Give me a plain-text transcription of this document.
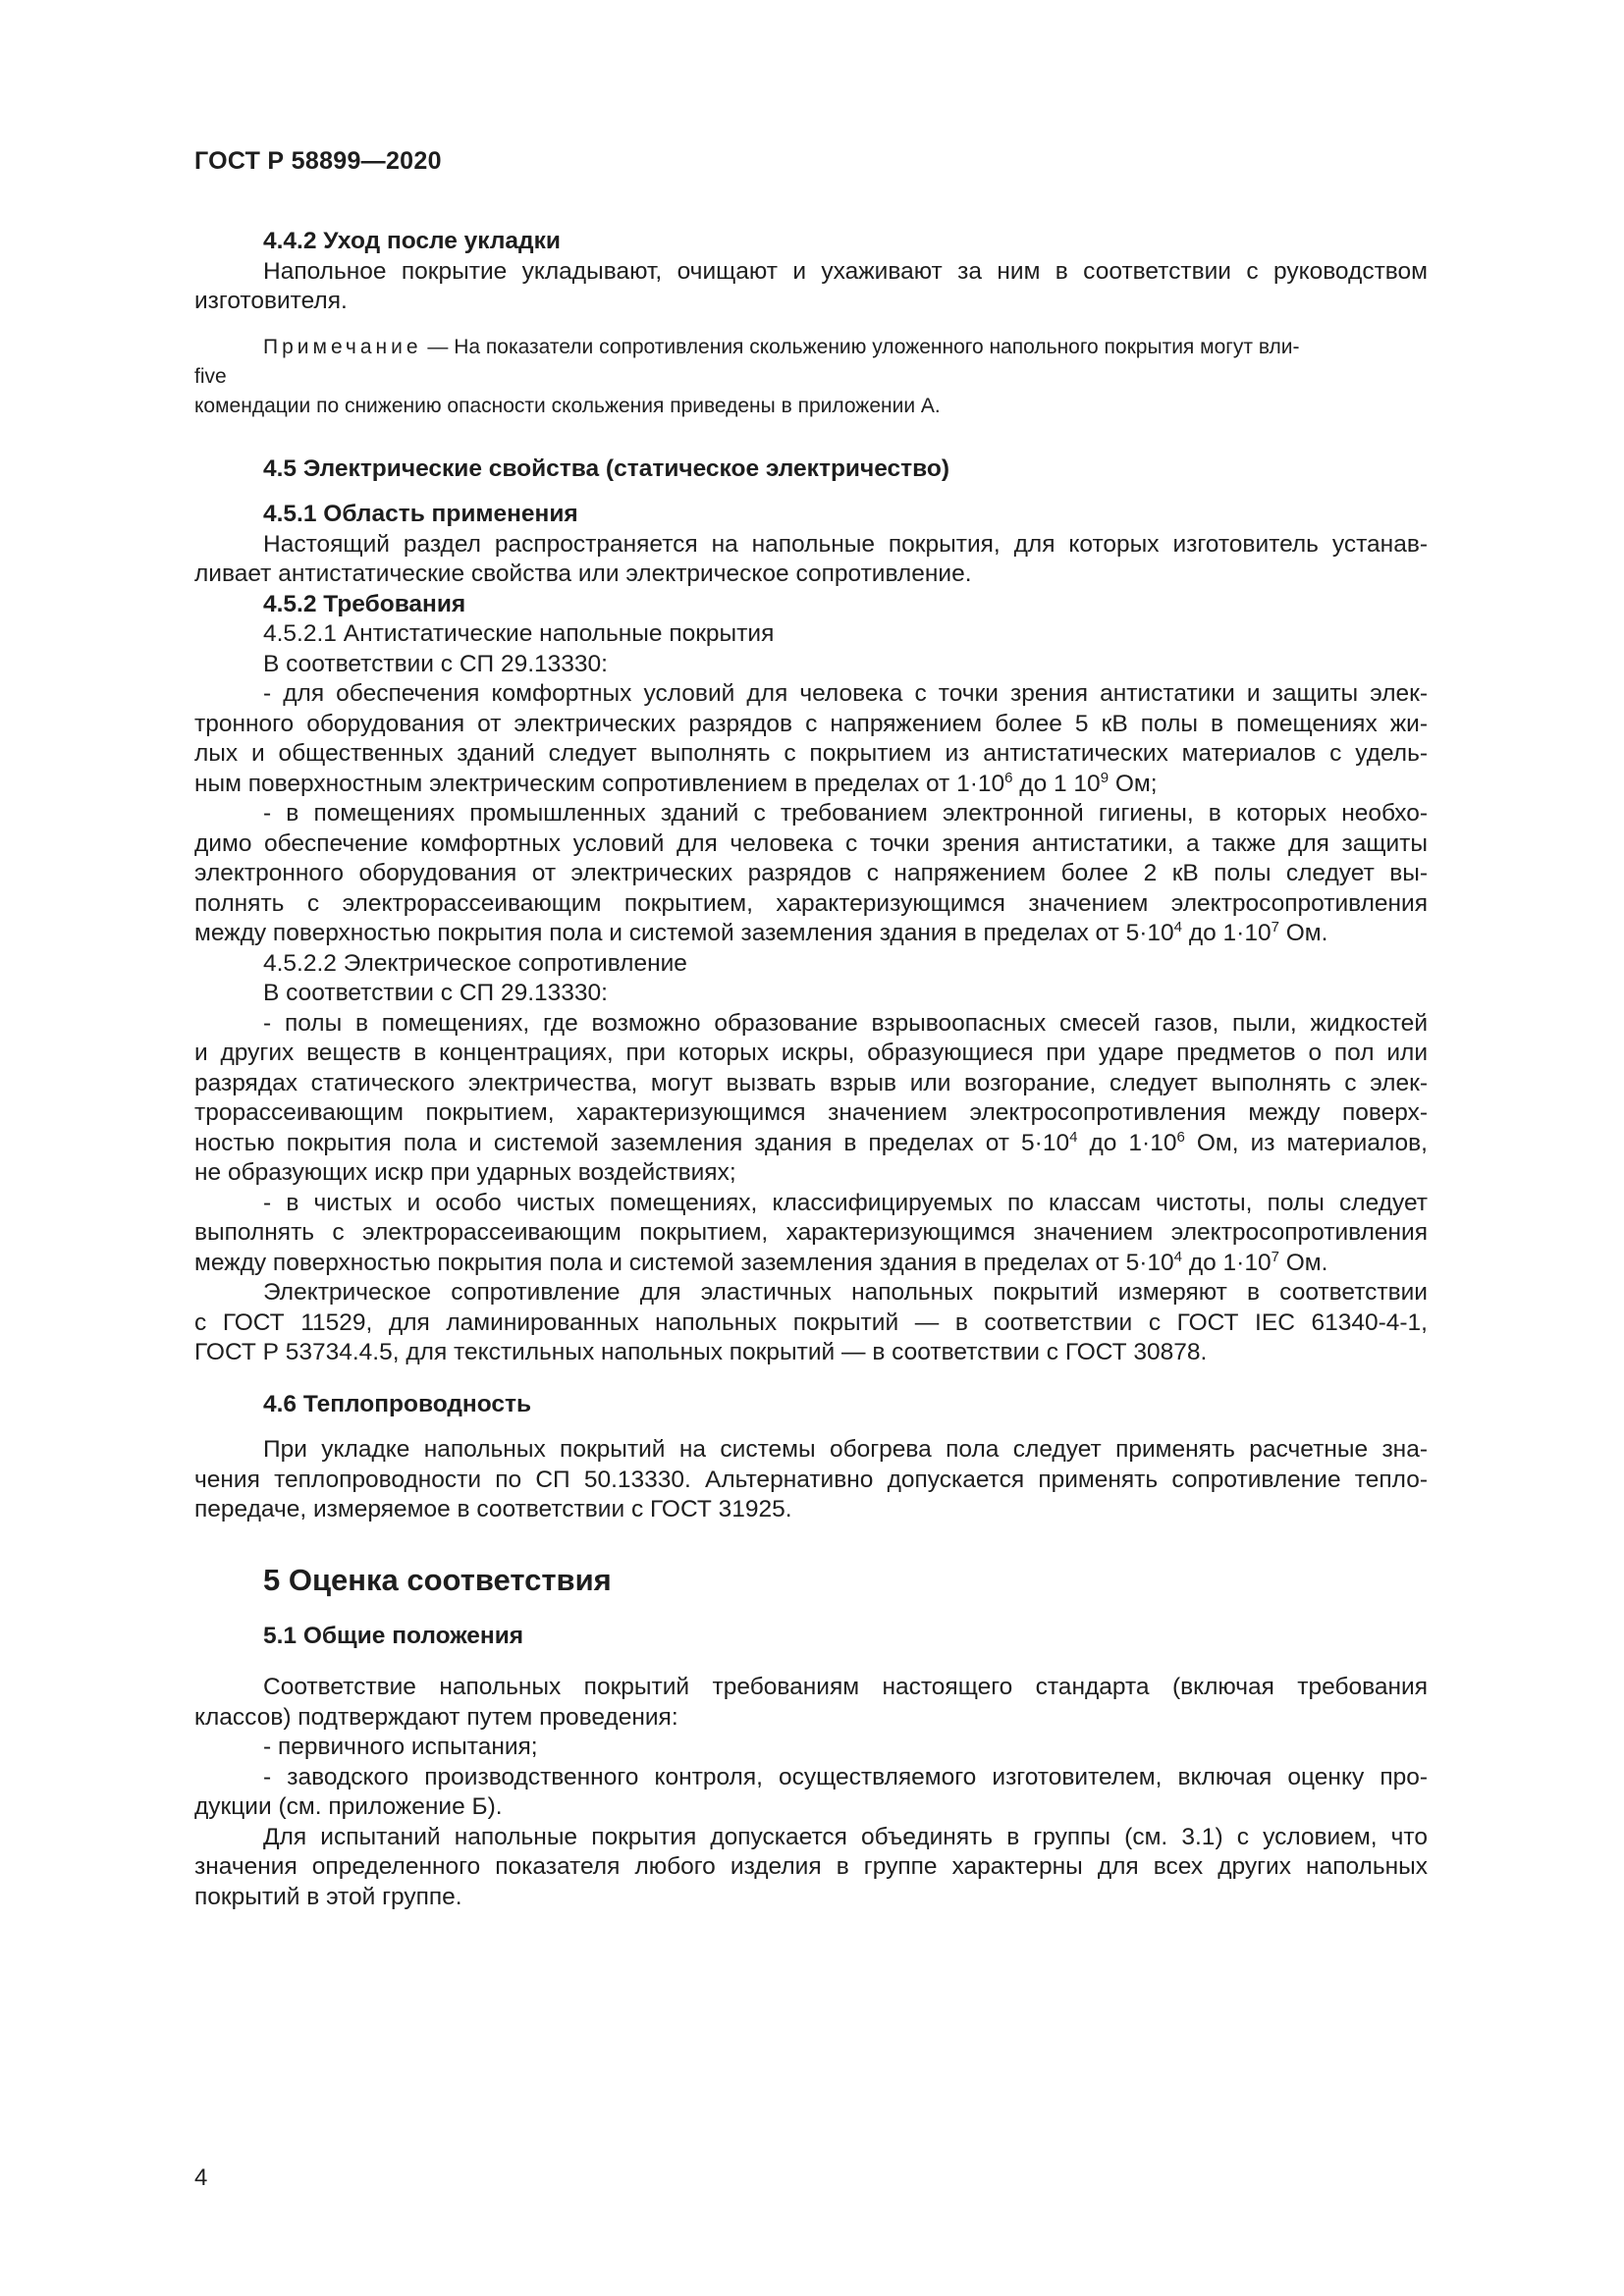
ГОСТ Р 58899—2020
4.4.2 Уход после укладки
Напольное покрытие укладывают, очищают и ухаживают за ним в соответствии с руководством
изготовителя.
Примечание — На показатели сопротивления скольжению уложенного напольного покрытия могут вли-
five
комендации по снижению опасности скольжения приведены в приложении А.
4.5 Электрические свойства (статическое электричество)
4.5.1 Область применения
Настоящий раздел распространяется на напольные покрытия, для которых изготовитель устанав-
ливает антистатические свойства или электрическое сопротивление.
4.5.2 Требования
4.5.2.1 Антистатические напольные покрытия
В соответствии с СП 29.13330:
- для обеспечения комфортных условий для человека с точки зрения антистатики и защиты элек-
тронного оборудования от электрических разрядов с напряжением более 5 кВ полы в помещениях жи-
лых и общественных зданий следует выполнять с покрытием из антистатических материалов с удель-
ным поверхностным электрическим сопротивлением в пределах от $1\cdot 10^6$ до 1 $10^9$ Ом;
- в помещениях промышленных зданий с требованием электронной гигиены, в которых необхо-
димо обеспечение комфортных условий для человека с точки зрения антистатики, а также для защиты
электронного оборудования от электрических разрядов с напряжением более 2 кВ полы следует вы-
полнять с электрорассеивающим покрытием, характеризующимся значением электросопротивления
между поверхностью покрытия пола и системой заземления здания в пределах от $5\cdot 10^4$ до $1\cdot 10^7$ Ом.
4.5.2.2 Электрическое сопротивление
В соответствии с СП 29.13330:
- полы в помещениях, где возможно образование взрывоопасных смесей газов, пыли, жидкостей
и других веществ в концентрациях, при которых искры, образующиеся при ударе предметов о пол или
разрядах статического электричества, могут вызвать взрыв или возгорание, следует выполнять с элек-
трорассеивающим покрытием, характеризующимся значением электросопротивления между поверх-
ностью покрытия пола и системой заземления здания в пределах от $5\cdot 10^4$ до $1\cdot 10^6$ Ом, из материалов,
не образующих искр при ударных воздействиях;
- в чистых и особо чистых помещениях, классифицируемых по классам чистоты, полы следует
выполнять с электрорассеивающим покрытием, характеризующимся значением электросопротивления
между поверхностью покрытия пола и системой заземления здания в пределах от $5\cdot 10^4$ до $1\cdot 10^7$ Ом.
Электрическое сопротивление для эластичных напольных покрытий измеряют в соответствии
с ГОСТ 11529, для ламинированных напольных покрытий — в соответствии с ГОСТ IEC 61340-4-1,
ГОСТ Р 53734.4.5, для текстильных напольных покрытий — в соответствии с ГОСТ 30878.
4.6 Теплопроводность
При укладке напольных покрытий на системы обогрева пола следует применять расчетные зна-
чения теплопроводности по СП 50.13330. Альтернативно допускается применять сопротивление тепло-
передаче, измеряемое в соответствии с ГОСТ 31925.
5 Оценка соответствия
5.1 Общие положения
Соответствие напольных покрытий требованиям настоящего стандарта (включая требования
классов) подтверждают путем проведения:
- первичного испытания;
- заводского производственного контроля, осуществляемого изготовителем, включая оценку про-
дукции (см. приложение Б).
Для испытаний напольные покрытия допускается объединять в группы (см. 3.1) с условием, что
значения определенного показателя любого изделия в группе характерны для всех других напольных
покрытий в этой группе.
4
